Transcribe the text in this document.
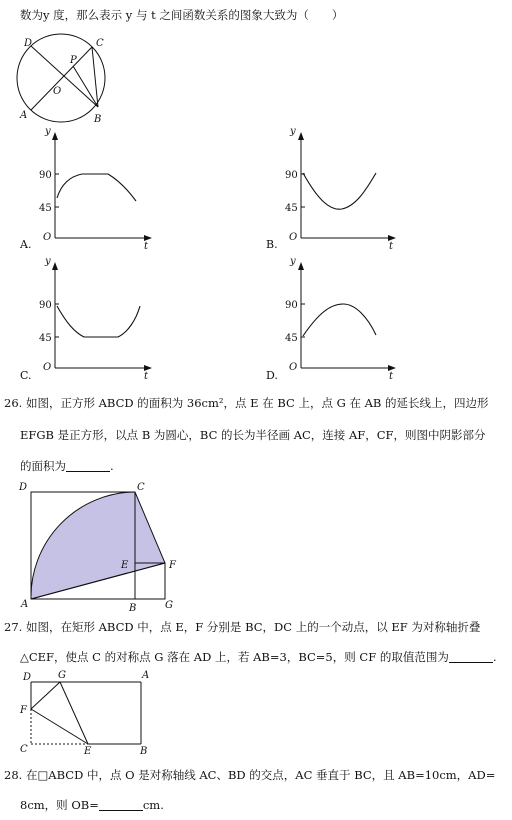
数为y 度，那么表示 y 与 t 之间函数关系的图象大致为（　　）
D	C
P
O
A	B
y
90
45
O
t
A.
y
90
45
O
t
B.
y
90
45
O
t
C.
y
90
45
O
t
D.
D	C
E	F
A	B	G
D	G	A
F
C	E	B
26. 如图，正方形 ABCD 的面积为 36cm²，点 E 在 BC 上，点 G 在 AB 的延长线上，四边形
EFGB 是正方形，以点 B 为圆心，BC 的长为半径画 AC，连接 AF，CF，则图中阴影部分
的面积为	.
27. 如图，在矩形 ABCD 中，点 E，F 分别是 BC，DC 上的一个动点，以 EF 为对称轴折叠
△CEF，使点 C 的对称点 G 落在 AD 上，若 AB=3，BC=5，则 CF 的取值范围为	.
28. 在□ABCD 中，点 O 是对称轴线 AC、BD 的交点，AC 垂直于 BC，且 AB=10cm，AD=
8cm，则 OB=	cm.
